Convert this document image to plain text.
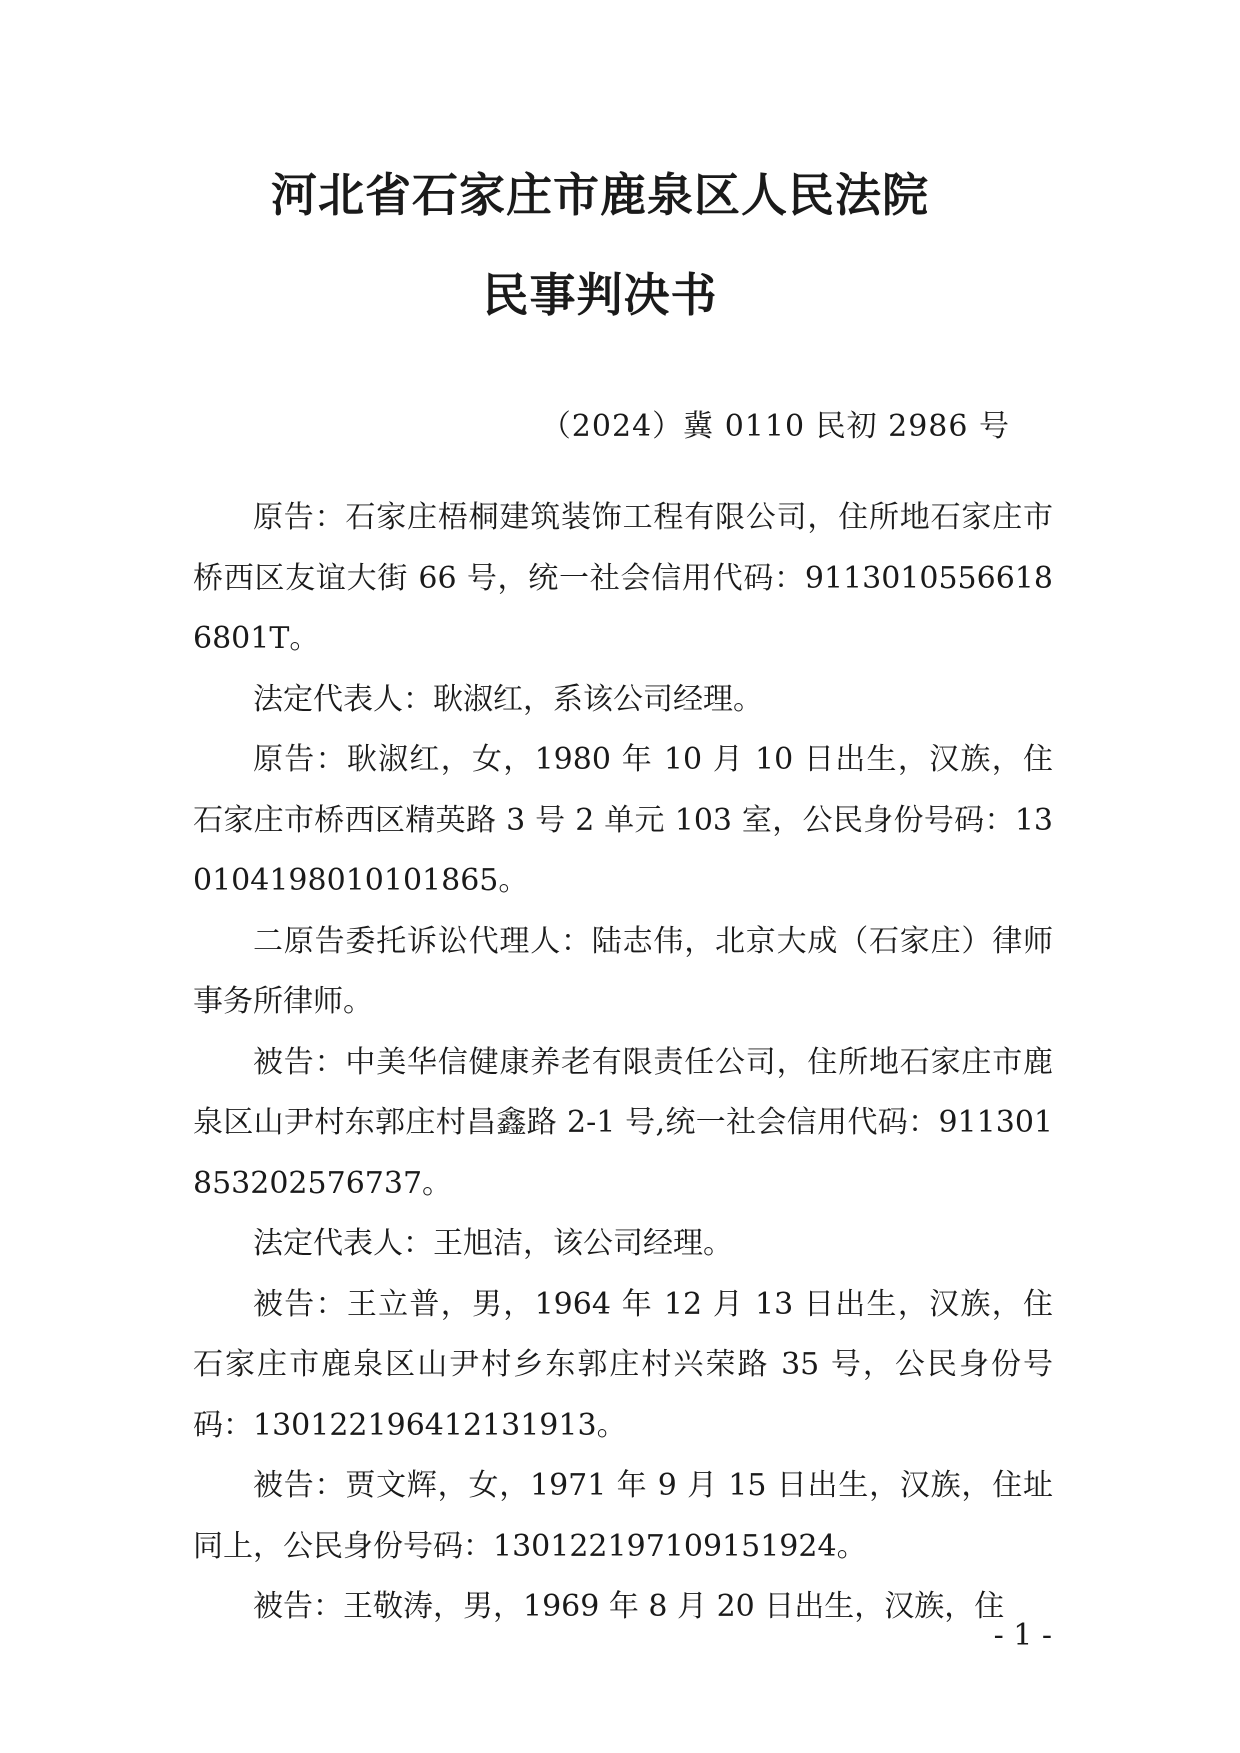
河北省石家庄市鹿泉区人民法院
民事判决书
（2024）冀 0110 民初 2986 号

原告：石家庄梧桐建筑装饰工程有限公司，住所地石家庄市桥西区友谊大街 66 号，统一社会信用代码：91130105566186801T。

法定代表人：耿淑红，系该公司经理。

原告：耿淑红，女，1980 年 10 月 10 日出生，汉族，住石家庄市桥西区精英路 3 号 2 单元 103 室，公民身份号码：130104198010101865。

二原告委托诉讼代理人：陆志伟，北京大成（石家庄）律师事务所律师。

被告：中美华信健康养老有限责任公司，住所地石家庄市鹿泉区山尹村东郭庄村昌鑫路 2-1 号,统一社会信用代码：911301853202576737。

法定代表人：王旭洁，该公司经理。

被告：王立普，男，1964 年 12 月 13 日出生，汉族，住石家庄市鹿泉区山尹村乡东郭庄村兴荣路 35 号，公民身份号码：130122196412131913。

被告：贾文辉，女，1971 年 9 月 15 日出生，汉族，住址同上，公民身份号码：130122197109151924。

被告：王敬涛，男，1969 年 8 月 20 日出生，汉族，住

- 1 -
